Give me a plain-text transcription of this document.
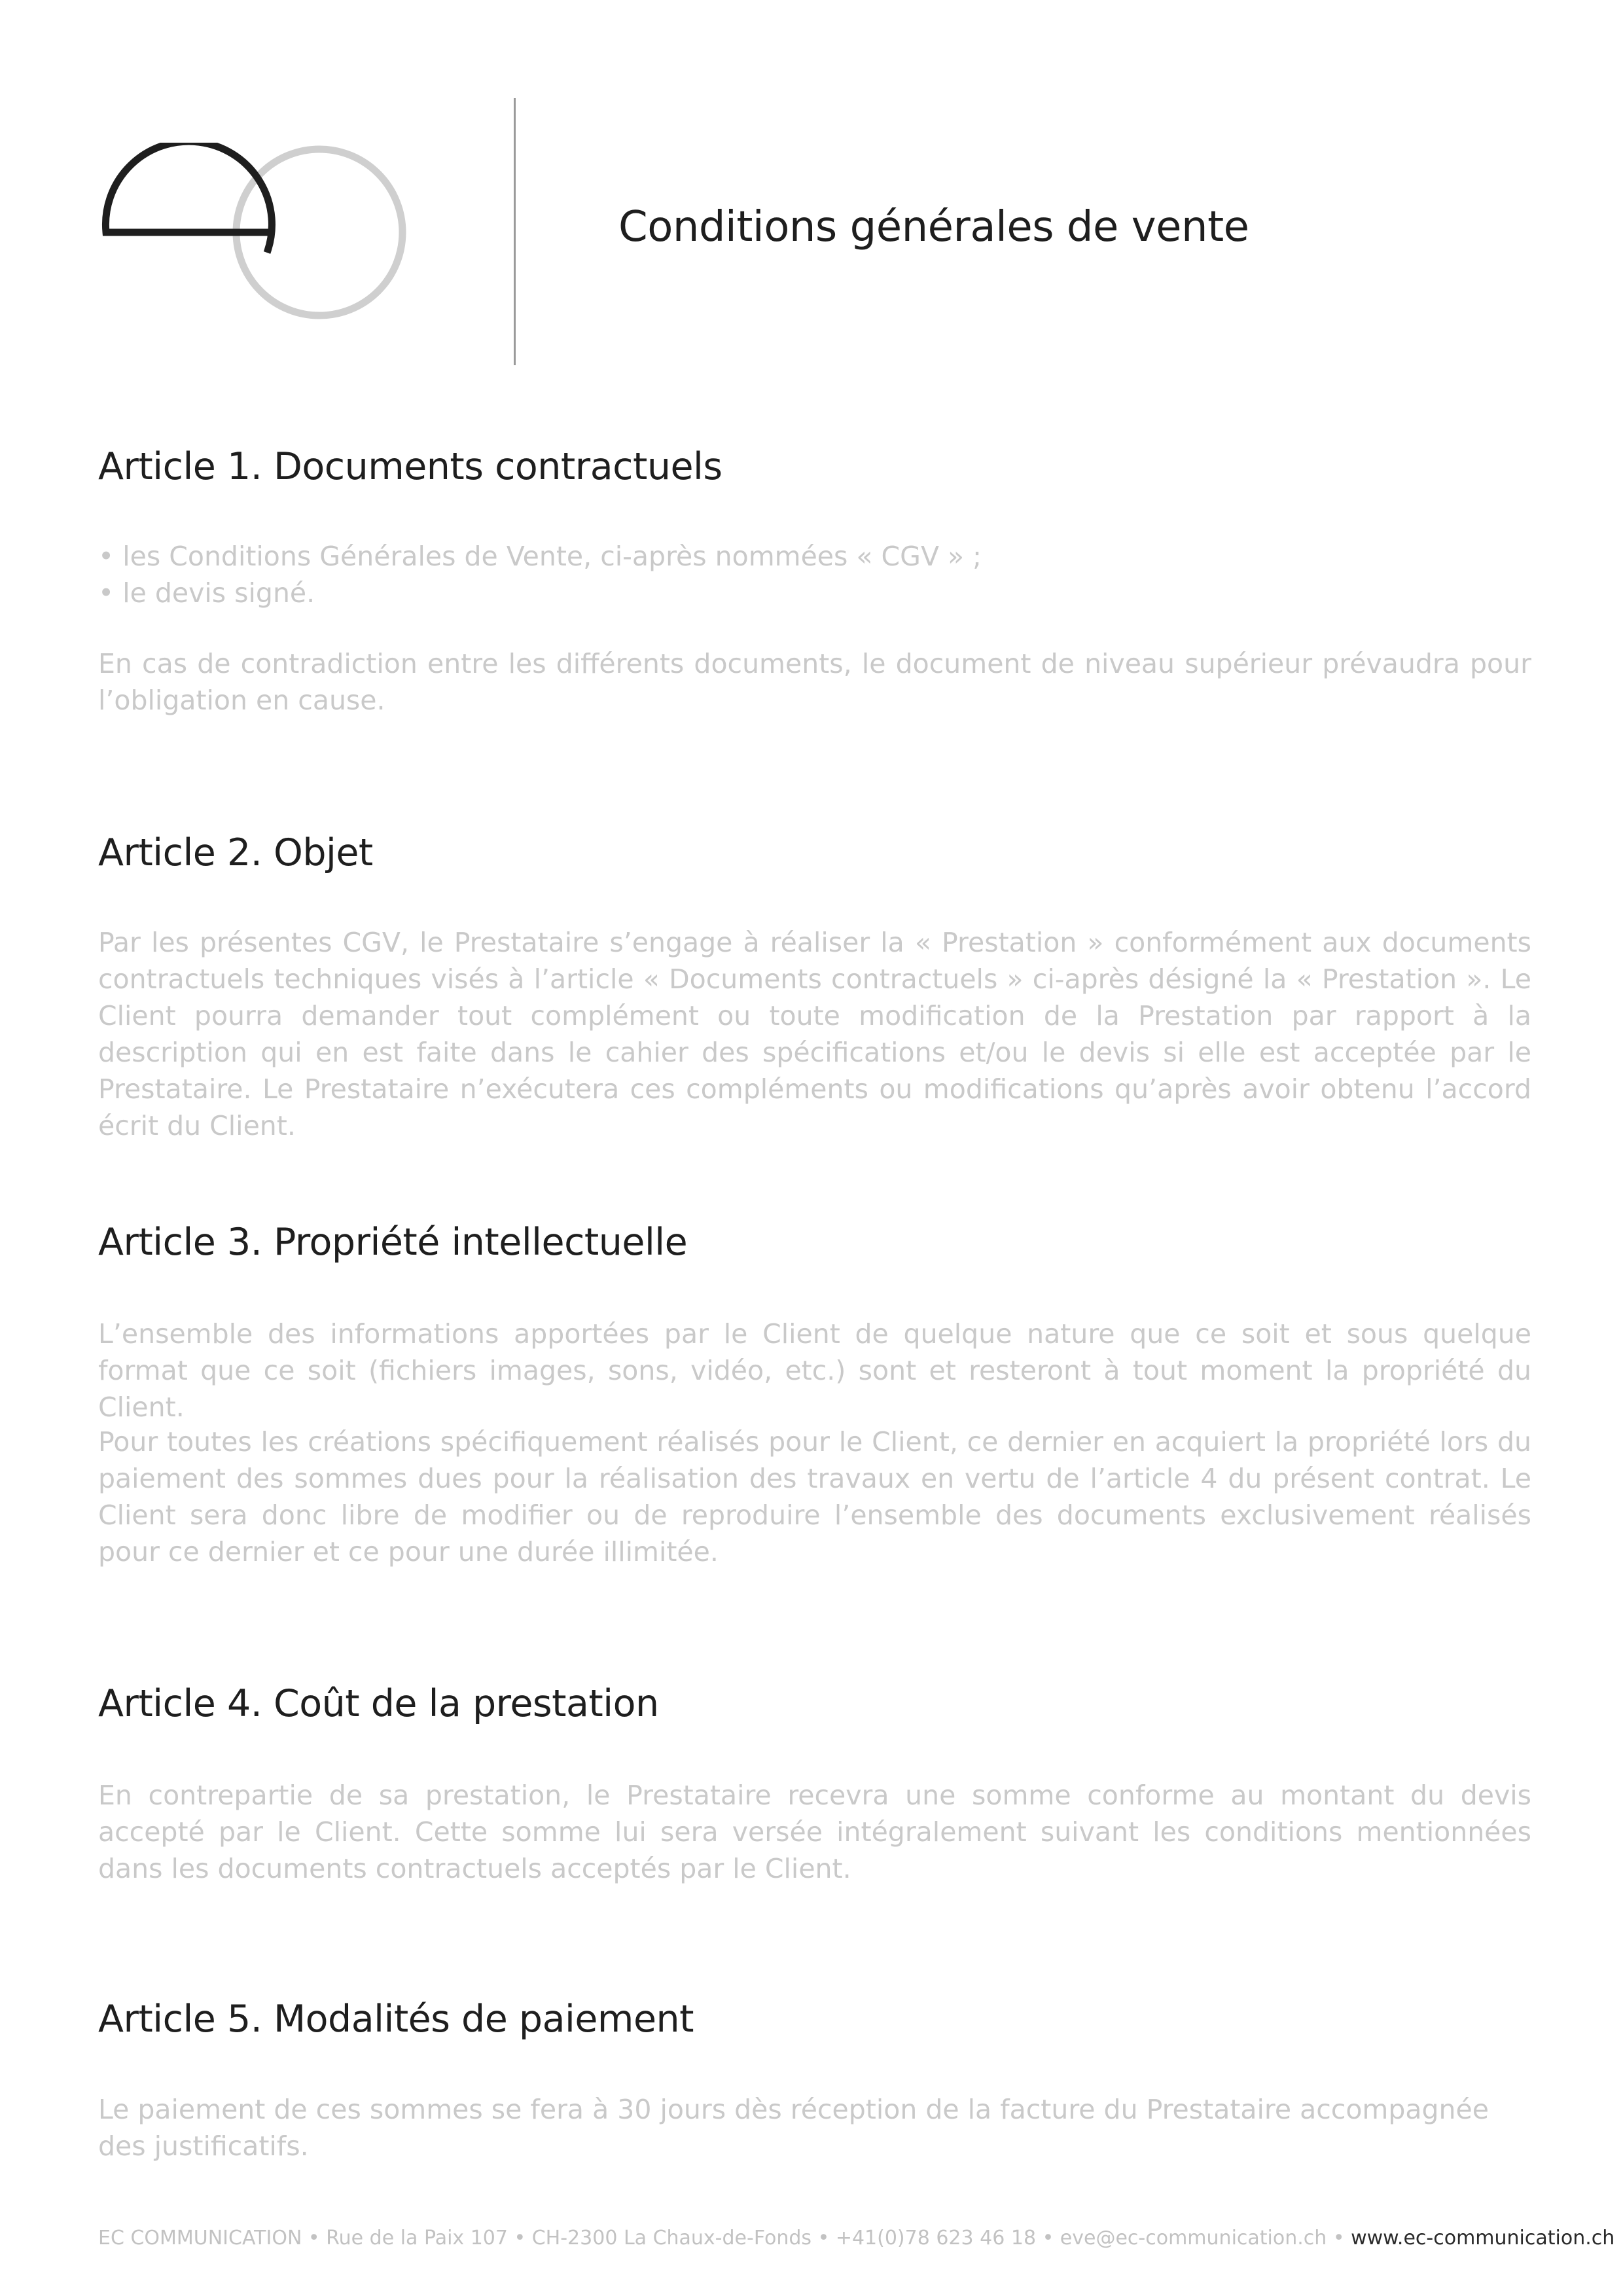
Conditions générales de vente
Article 1. Documents contractuels
• les Conditions Générales de Vente, ci-après nommées « CGV » ;
• le devis signé.

En cas de contradiction entre les différents documents, le document de niveau supérieur prévaudra pour l’obligation en cause.

Article 2. Objet

Par les présentes CGV, le Prestataire s’engage à réaliser la « Prestation » conformément aux documents contractuels techniques visés à l’article « Documents contractuels » ci-après désigné la « Prestation ». Le Client pourra demander tout complément ou toute modification de la Prestation par rapport à la description qui en est faite dans le cahier des spécifications et/ou le devis si elle est acceptée par le Prestataire. Le Prestataire n’exécutera ces compléments ou modifications qu’après avoir obtenu l’accord écrit du Client.

Article 3. Propriété intellectuelle

L’ensemble des informations apportées par le Client de quelque nature que ce soit et sous quelque format que ce soit (fichiers images, sons, vidéo, etc.) sont et resteront à tout moment la propriété du Client.

Pour toutes les créations spécifiquement réalisés pour le Client, ce dernier en acquiert la propriété lors du paiement des sommes dues pour la réalisation des travaux en vertu de l’article 4 du présent contrat. Le Client sera donc libre de modifier ou de reproduire l’ensemble des documents exclusivement réalisés pour ce dernier et ce pour une durée illimitée.

Article 4. Coût de la prestation

En contrepartie de sa prestation, le Prestataire recevra une somme conforme au montant du devis accepté par le Client. Cette somme lui sera versée intégralement suivant les conditions mentionnées dans les documents contractuels acceptés par le Client.

Article 5. Modalités de paiement

Le paiement de ces sommes se fera à 30 jours dès réception de la facture du Prestataire accompagnée des justificatifs.

EC COMMUNICATION • Rue de la Paix 107 • CH-2300 La Chaux-de-Fonds • +41(0)78 623 46 18 • eve@ec-communication.ch • www.ec-communication.ch
